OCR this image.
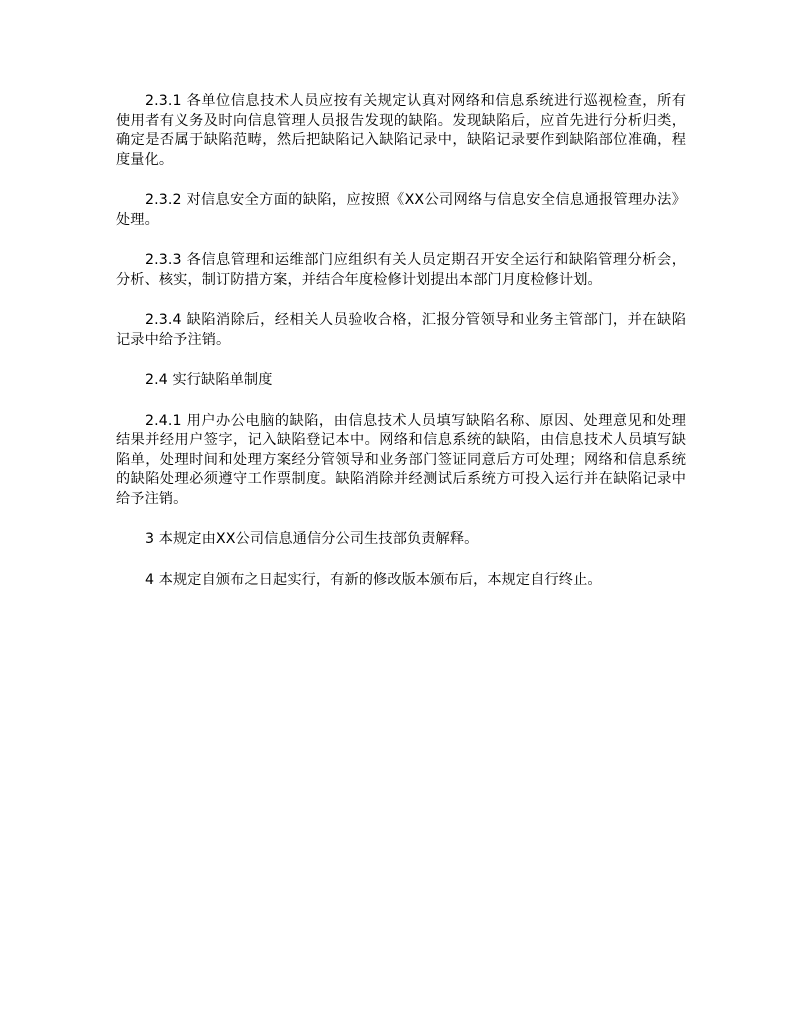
2.3.1 各单位信息技术人员应按有关规定认真对网络和信息系统进行巡视检查，所有使用者有义务及时向信息管理人员报告发现的缺陷。发现缺陷后，应首先进行分析归类，确定是否属于缺陷范畴，然后把缺陷记入缺陷记录中，缺陷记录要作到缺陷部位准确，程度量化。

2.3.2 对信息安全方面的缺陷，应按照《XX公司网络与信息安全信息通报管理办法》处理。

2.3.3 各信息管理和运维部门应组织有关人员定期召开安全运行和缺陷管理分析会，分析、核实，制订防措方案，并结合年度检修计划提出本部门月度检修计划。

2.3.4 缺陷消除后，经相关人员验收合格，汇报分管领导和业务主管部门，并在缺陷记录中给予注销。

2.4 实行缺陷单制度

2.4.1 用户办公电脑的缺陷，由信息技术人员填写缺陷名称、原因、处理意见和处理结果并经用户签字，记入缺陷登记本中。网络和信息系统的缺陷，由信息技术人员填写缺陷单，处理时间和处理方案经分管领导和业务部门签证同意后方可处理；网络和信息系统的缺陷处理必须遵守工作票制度。缺陷消除并经测试后系统方可投入运行并在缺陷记录中给予注销。

3 本规定由XX公司信息通信分公司生技部负责解释。

4 本规定自颁布之日起实行，有新的修改版本颁布后，本规定自行终止。
